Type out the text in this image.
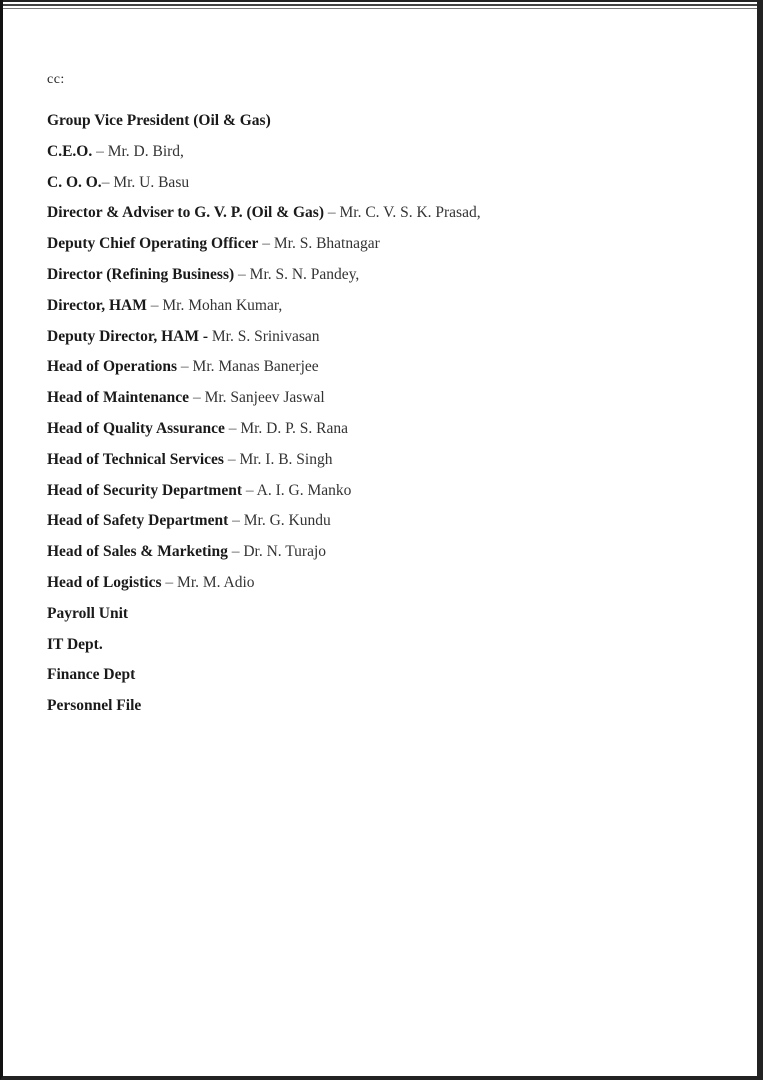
cc:
Group Vice President (Oil & Gas)
C.E.O. – Mr. D. Bird,
C. O. O.– Mr. U. Basu
Director & Adviser to G. V. P. (Oil & Gas) – Mr. C. V. S. K. Prasad,
Deputy Chief Operating Officer – Mr. S. Bhatnagar
Director (Refining Business) – Mr. S. N. Pandey,
Director, HAM – Mr. Mohan Kumar,
Deputy Director, HAM - Mr. S. Srinivasan
Head of Operations – Mr. Manas Banerjee
Head of Maintenance – Mr. Sanjeev Jaswal
Head of Quality Assurance – Mr. D. P. S. Rana
Head of Technical Services – Mr. I. B. Singh
Head of Security Department – A. I. G. Manko
Head of Safety Department – Mr. G. Kundu
Head of Sales & Marketing – Dr. N. Turajo
Head of Logistics – Mr. M. Adio
Payroll Unit
IT Dept.
Finance Dept
Personnel File
